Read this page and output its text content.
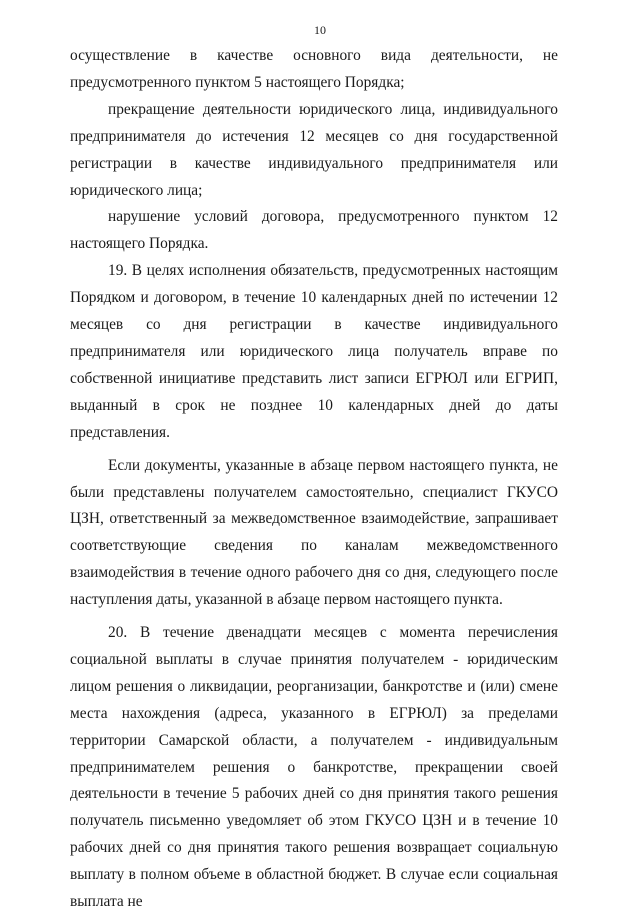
10

осуществление в качестве основного вида деятельности, не предусмотренного пунктом 5 настоящего Порядка;

прекращение деятельности юридического лица, индивидуального предпринимателя до истечения 12 месяцев со дня государственной регистрации в качестве индивидуального предпринимателя или юридического лица;

нарушение условий договора, предусмотренного пунктом 12 настоящего Порядка.

19. В целях исполнения обязательств, предусмотренных настоящим Порядком и договором, в течение 10 календарных дней по истечении 12 месяцев со дня регистрации в качестве индивидуального предпринимателя или юридического лица получатель вправе по собственной инициативе представить лист записи ЕГРЮЛ или ЕГРИП, выданный в срок не позднее 10 календарных дней до даты представления.

Если документы, указанные в абзаце первом настоящего пункта, не были представлены получателем самостоятельно, специалист ГКУСО ЦЗН, ответственный за межведомственное взаимодействие, запрашивает соответствующие сведения по каналам межведомственного взаимодействия в течение одного рабочего дня со дня, следующего после наступления даты, указанной в абзаце первом настоящего пункта.

20. В течение двенадцати месяцев с момента перечисления социальной выплаты в случае принятия получателем - юридическим лицом решения о ликвидации, реорганизации, банкротстве и (или) смене места нахождения (адреса, указанного в ЕГРЮЛ) за пределами территории Самарской области, а получателем - индивидуальным предпринимателем решения о банкротстве, прекращении своей деятельности в течение 5 рабочих дней со дня принятия такого решения получатель письменно уведомляет об этом ГКУСО ЦЗН и в течение 10 рабочих дней со дня принятия такого решения возвращает социальную выплату в полном объеме в областной бюджет. В случае если социальная выплата не
